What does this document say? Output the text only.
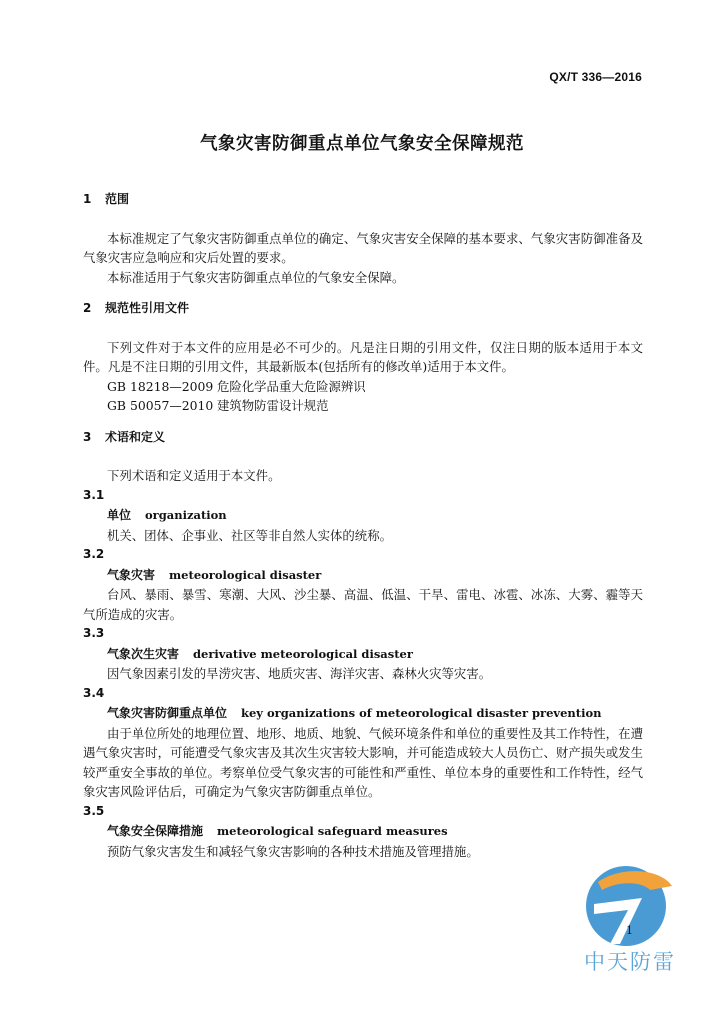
QX/T 336—2016
气象灾害防御重点单位气象安全保障规范
1 范围

本标准规定了气象灾害防御重点单位的确定、气象灾害安全保障的基本要求、气象灾害防御准备及气象灾害应急响应和灾后处置的要求。

本标准适用于气象灾害防御重点单位的气象安全保障。

2 规范性引用文件

下列文件对于本文件的应用是必不可少的。凡是注日期的引用文件，仅注日期的版本适用于本文件。凡是不注日期的引用文件，其最新版本(包括所有的修改单)适用于本文件。

GB 18218—2009 危险化学品重大危险源辨识

GB 50057—2010 建筑物防雷设计规范

3 术语和定义

下列术语和定义适用于本文件。

3.1

单位 organization

机关、团体、企事业、社区等非自然人实体的统称。

3.2

气象灾害 meteorological disaster

台风、暴雨、暴雪、寒潮、大风、沙尘暴、高温、低温、干旱、雷电、冰雹、冰冻、大雾、霾等天气所造成的灾害。

3.3

气象次生灾害 derivative meteorological disaster

因气象因素引发的旱涝灾害、地质灾害、海洋灾害、森林火灾等灾害。

3.4

气象灾害防御重点单位 key organizations of meteorological disaster prevention

由于单位所处的地理位置、地形、地质、地貌、气候环境条件和单位的重要性及其工作特性，在遭遇气象灾害时，可能遭受气象灾害及其次生灾害较大影响，并可能造成较大人员伤亡、财产损失或发生较严重安全事故的单位。考察单位受气象灾害的可能性和严重性、单位本身的重要性和工作特性，经气象灾害风险评估后，可确定为气象灾害防御重点单位。

3.5

气象安全保障措施 meteorological safeguard measures

预防气象灾害发生和减轻气象灾害影响的各种技术措施及管理措施。

1
中天防雷
